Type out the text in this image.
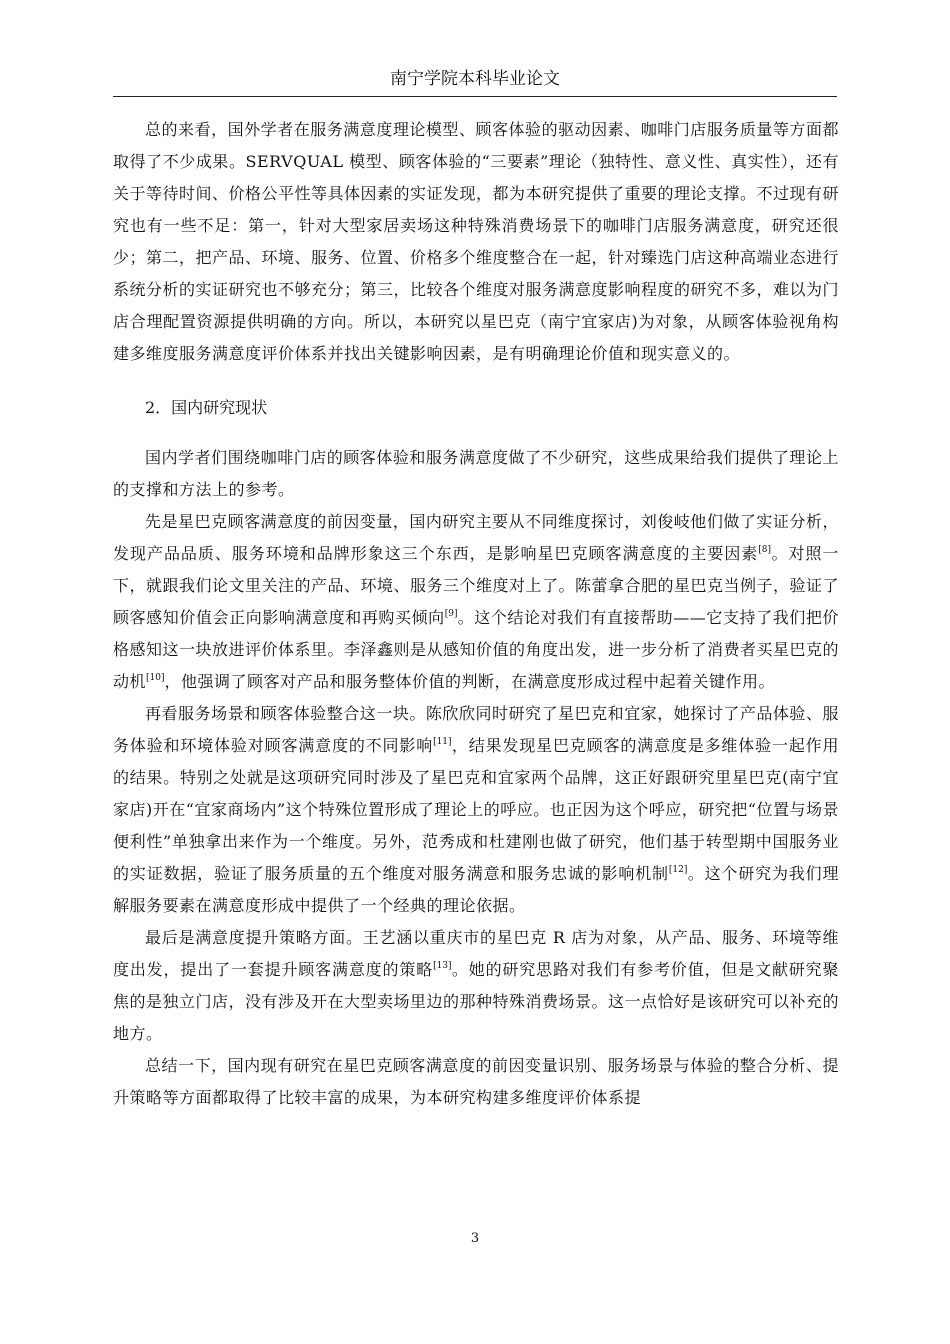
南宁学院本科毕业论文

总的来看，国外学者在服务满意度理论模型、顾客体验的驱动因素、咖啡门店服务质量等方面都取得了不少成果。SERVQUAL 模型、顾客体验的“三要素”理论（独特性、意义性、真实性），还有关于等待时间、价格公平性等具体因素的实证发现，都为本研究提供了重要的理论支撑。不过现有研究也有一些不足：第一，针对大型家居卖场这种特殊消费场景下的咖啡门店服务满意度，研究还很少；第二，把产品、环境、服务、位置、价格多个维度整合在一起，针对臻选门店这种高端业态进行系统分析的实证研究也不够充分；第三，比较各个维度对服务满意度影响程度的研究不多，难以为门店合理配置资源提供明确的方向。所以，本研究以星巴克（南宁宜家店)为对象，从顾客体验视角构建多维度服务满意度评价体系并找出关键影响因素，是有明确理论价值和现实意义的。

2．国内研究现状

国内学者们围绕咖啡门店的顾客体验和服务满意度做了不少研究，这些成果给我们提供了理论上的支撑和方法上的参考。

先是星巴克顾客满意度的前因变量，国内研究主要从不同维度探讨，刘俊岐他们做了实证分析，发现产品品质、服务环境和品牌形象这三个东西，是影响星巴克顾客满意度的主要因素[8]。对照一下，就跟我们论文里关注的产品、环境、服务三个维度对上了。陈蕾拿合肥的星巴克当例子，验证了顾客感知价值会正向影响满意度和再购买倾向[9]。这个结论对我们有直接帮助——它支持了我们把价格感知这一块放进评价体系里。李泽鑫则是从感知价值的角度出发，进一步分析了消费者买星巴克的动机[10]，他强调了顾客对产品和服务整体价值的判断，在满意度形成过程中起着关键作用。

再看服务场景和顾客体验整合这一块。陈欣欣同时研究了星巴克和宜家，她探讨了产品体验、服务体验和环境体验对顾客满意度的不同影响[11]，结果发现星巴克顾客的满意度是多维体验一起作用的结果。特别之处就是这项研究同时涉及了星巴克和宜家两个品牌，这正好跟研究里星巴克(南宁宜家店)开在“宜家商场内”这个特殊位置形成了理论上的呼应。也正因为这个呼应，研究把“位置与场景便利性”单独拿出来作为一个维度。另外，范秀成和杜建刚也做了研究，他们基于转型期中国服务业的实证数据，验证了服务质量的五个维度对服务满意和服务忠诚的影响机制[12]。这个研究为我们理解服务要素在满意度形成中提供了一个经典的理论依据。

最后是满意度提升策略方面。王艺涵以重庆市的星巴克 R 店为对象，从产品、服务、环境等维度出发，提出了一套提升顾客满意度的策略[13]。她的研究思路对我们有参考价值，但是文献研究聚焦的是独立门店，没有涉及开在大型卖场里边的那种特殊消费场景。这一点恰好是该研究可以补充的地方。

总结一下，国内现有研究在星巴克顾客满意度的前因变量识别、服务场景与体验的整合分析、提升策略等方面都取得了比较丰富的成果，为本研究构建多维度评价体系提

3
